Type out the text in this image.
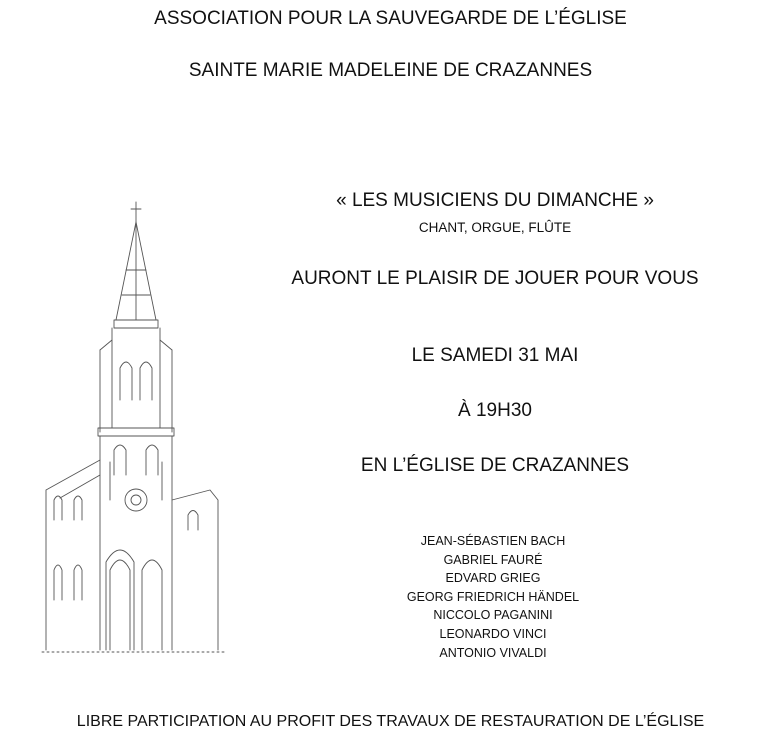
ASSOCIATION POUR LA SAUVEGARDE DE L’ÉGLISE
SAINTE MARIE MADELEINE DE CRAZANNES
« LES MUSICIENS DU DIMANCHE »
CHANT, ORGUE, FLÛTE
AURONT LE PLAISIR DE JOUER POUR VOUS
LE SAMEDI 31 MAI
À 19H30
EN L’ÉGLISE DE CRAZANNES
JEAN-SÉBASTIEN BACH
GABRIEL FAURÉ
EDVARD GRIEG
GEORG FRIEDRICH HÄNDEL
NICCOLO PAGANINI
LEONARDO VINCI
ANTONIO VIVALDI
LIBRE PARTICIPATION AU PROFIT DES TRAVAUX DE RESTAURATION DE L’ÉGLISE
